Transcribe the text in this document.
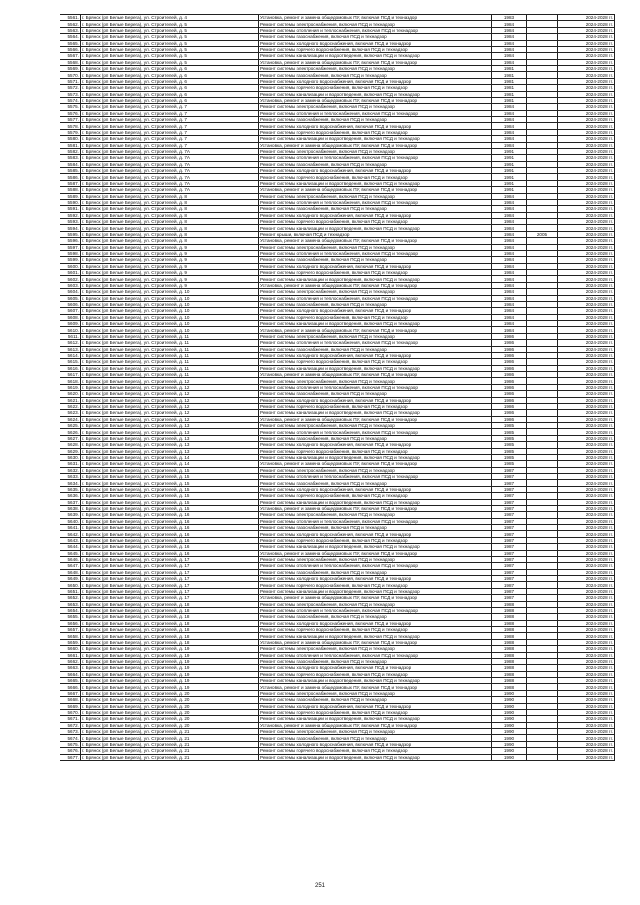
5561.	г. Брянск (рп Белые Берега), ул. Строителей, д. 4	Установка, ремонт и замена общедомовых ПУ, включая ПСД и техназдор	1983		2024-2028 гг.
5562.	г. Брянск (рп Белые Берега), ул. Строителей, д. 5	Ремонт системы электроснабжения, включая ПСД и технадзор	1984		2024-2028 гг.
5563.	г. Брянск (рп Белые Берега), ул. Строителей, д. 5	Ремонт системы отопления и теплоснабжения, включая ПСД и технадзор	1984		2024-2028 гг.
5564.	г. Брянск (рп Белые Берега), ул. Строителей, д. 5	Ремонт системы газоснабжения, включая ПСД и технадзор	1984		2024-2028 гг.
5565.	г. Брянск (рп Белые Берега), ул. Строителей, д. 5	Ремонт системы холодного водоснабжения, включая ПСД и технадзор	1984		2024-2028 гг.
5566.	г. Брянск (рп Белые Берега), ул. Строителей, д. 5	Ремонт системы горячего водоснабжения, включая ПСД и технадзор	1984		2024-2028 гг.
5567.	г. Брянск (рп Белые Берега), ул. Строителей, д. 5	Ремонт системы канализации и водоотведения, включая ПСД и технадзор	1984		2024-2028 гг.
5568.	г. Брянск (рп Белые Берега), ул. Строителей, д. 5	Установка, ремонт и замена общедомовых ПУ, включая ПСД и технадзор	1984		2024-2028 гг.
5569.	г. Брянск (рп Белые Берега), ул. Строителей, д. 6	Ремонт системы электроснабжения, включая ПСД и технадзор	1981		2024-2028 гг.
5570.	г. Брянск (рп Белые Берега), ул. Строителей, д. 6	Ремонт системы газоснабжения, включая ПСД и технадзор	1981		2024-2028 гг.
5571.	г. Брянск (рп Белые Берега), ул. Строителей, д. 6	Ремонт системы холодного водоснабжения, включая ПСД и технадзор	1981		2024-2028 гг.
5572.	г. Брянск (рп Белые Берега), ул. Строителей, д. 6	Ремонт системы горячего водоснабжения, включая ПСД и технадзор	1981		2024-2028 гг.
5573.	г. Брянск (рп Белые Берега), ул. Строителей, д. 6	Ремонт системы канализации и водоотведения, включая ПСД и технадзор	1981		2024-2028 гг.
5574.	г. Брянск (рп Белые Берега), ул. Строителей, д. 6	Установка, ремонт и замена общедомовых ПУ, включая ПСД и технадзор	1981		2024-2028 гг.
5575.	г. Брянск (рп Белые Берега), ул. Строителей, д. 7	Ремонт системы электроснабжения, включая ПСД и технадзор	1984		2024-2028 гг.
5576.	г. Брянск (рп Белые Берега), ул. Строителей, д. 7	Ремонт системы отопления и теплоснабжения, включая ПСД и технадзор	1984		2024-2028 гг.
5577.	г. Брянск (рп Белые Берега), ул. Строителей, д. 7	Ремонт системы газоснабжения, включая ПСД и технадзор	1984		2024-2028 гг.
5578.	г. Брянск (рп Белые Берега), ул. Строителей, д. 7	Ремонт системы холодного водоснабжения, включая ПСД и технадзор	1984		2024-2028 гг.
5579.	г. Брянск (рп Белые Берега), ул. Строителей, д. 7	Ремонт системы горячего водоснабжения, включая ПСД и технадзор	1984		2024-2028 гг.
5580.	г. Брянск (рп Белые Берега), ул. Строителей, д. 7	Ремонт системы канализации и водоотведения, включая ПСД и технадзор	1984		2024-2028 гг.
5581.	г. Брянск (рп Белые Берега), ул. Строителей, д. 7	Установка, ремонт и замена общедомовых ПУ, включая ПСД и технадзор	1984		2024-2028 гг.
5582.	г. Брянск (рп Белые Берега), ул. Строителей, д. 7А	Ремонт системы электроснабжения, включая ПСД и технадзор	1991		2024-2028 гг.
5583.	г. Брянск (рп Белые Берега), ул. Строителей, д. 7А	Ремонт системы отопления и теплоснабжения, включая ПСД и технадзор	1991		2024-2028 гг.
5584.	г. Брянск (рп Белые Берега), ул. Строителей, д. 7А	Ремонт системы газоснабжения, включая ПСД и технадзор	1991		2024-2028 гг.
5585.	г. Брянск (рп Белые Берега), ул. Строителей, д. 7А	Ремонт системы холодного водоснабжения, включая ПСД и технадзор	1991		2024-2028 гг.
5586.	г. Брянск (рп Белые Берега), ул. Строителей, д. 7А	Ремонт системы горячего водоснабжения, включая ПСД и технадзор	1991		2024-2028 гг.
5587.	г. Брянск (рп Белые Берега), ул. Строителей, д. 7А	Ремонт системы канализации и водоотведения, включая ПСД и технадзор	1991		2024-2028 гг.
5588.	г. Брянск (рп Белые Берега), ул. Строителей, д. 7А	Установка, ремонт и замена общедомовых ПУ, включая ПСД и технадзор	1991		2024-2028 гг.
5589.	г. Брянск (рп Белые Берега), ул. Строителей, д. 8	Ремонт системы электроснабжения, включая ПСД и технадзор	1984		2024-2028 гг.
5590.	г. Брянск (рп Белые Берега), ул. Строителей, д. 8	Ремонт системы отопления и теплоснабжения, включая ПСД и технадзор	1984		2024-2028 гг.
5591.	г. Брянск (рп Белые Берега), ул. Строителей, д. 8	Ремонт системы газоснабжения, включая ПСД и технадзор	1984		2024-2028 гг.
5592.	г. Брянск (рп Белые Берега), ул. Строителей, д. 8	Ремонт системы холодного водоснабжения, включая ПСД и технадзор	1984		2024-2028 гг.
5593.	г. Брянск (рп Белые Берега), ул. Строителей, д. 8	Ремонт системы горячего водоснабжения, включая ПСД и технадзор	1984		2024-2028 гг.
5594.	г. Брянск (рп Белые Берега), ул. Строителей, д. 8	Ремонт системы канализации и водоотведения, включая ПСД и технадзор	1984		2024-2028 гг.
5595.	г. Брянск (рп Белые Берега), ул. Строителей, д. 8	Ремонт крыши, включая ПСД и технадзор	1984	2005	2024-2028 гг.
5596.	г. Брянск (рп Белые Берега), ул. Строителей, д. 8	Установка, ремонт и замена общедомовых ПУ, включая ПСД и технадзор	1984		2024-2028 гг.
5597.	г. Брянск (рп Белые Берега), ул. Строителей, д. 9	Ремонт системы электроснабжения, включая ПСД и технадзор	1984		2024-2028 гг.
5598.	г. Брянск (рп Белые Берега), ул. Строителей, д. 9	Ремонт системы отопления и теплоснабжения, включая ПСД и технадзор	1984		2024-2028 гг.
5599.	г. Брянск (рп Белые Берега), ул. Строителей, д. 9	Ремонт системы газоснабжения, включая ПСД и технадзор	1984		2024-2028 гг.
5600.	г. Брянск (рп Белые Берега), ул. Строителей, д. 9	Ремонт системы холодного водоснабжения, включая ПСД и технадзор	1984		2024-2028 гг.
5601.	г. Брянск (рп Белые Берега), ул. Строителей, д. 9	Ремонт системы горячего водоснабжения, включая ПСД и технадзор	1984		2024-2028 гг.
5602.	г. Брянск (рп Белые Берега), ул. Строителей, д. 9	Ремонт системы канализации и водоотведения, включая ПСД и технадзор	1984		2024-2028 гг.
5603.	г. Брянск (рп Белые Берега), ул. Строителей, д. 9	Установка, ремонт и замена общедомовых ПУ, включая ПСД и технадзор	1984		2024-2028 гг.
5604.	г. Брянск (рп Белые Берега), ул. Строителей, д. 10	Ремонт системы электроснабжения, включая ПСД и технадзор	1984		2024-2028 гг.
5605.	г. Брянск (рп Белые Берега), ул. Строителей, д. 10	Ремонт системы отопления и теплоснабжения, включая ПСД и технадзор	1984		2024-2028 гг.
5606.	г. Брянск (рп Белые Берега), ул. Строителей, д. 10	Ремонт системы газоснабжения, включая ПСД и технадзор	1984		2024-2028 гг.
5607.	г. Брянск (рп Белые Берега), ул. Строителей, д. 10	Ремонт системы холодного водоснабжения, включая ПСД и технадзор	1984		2024-2028 гг.
5608.	г. Брянск (рп Белые Берега), ул. Строителей, д. 10	Ремонт системы горячего водоснабжения, включая ПСД и технадзор	1984		2024-2028 гг.
5609.	г. Брянск (рп Белые Берега), ул. Строителей, д. 10	Ремонт системы канализации и водоотведения, включая ПСД и технадзор	1984		2024-2028 гг.
5610.	г. Брянск (рп Белые Берега), ул. Строителей, д. 10	Установка, ремонт и замена общедомовых ПУ, включая ПСД и технадзор	1984		2024-2028 гг.
5611.	г. Брянск (рп Белые Берега), ул. Строителей, д. 11	Ремонт системы электроснабжения, включая ПСД и технадзор	1986		2024-2028 гг.
5612.	г. Брянск (рп Белые Берега), ул. Строителей, д. 11	Ремонт системы отопления и теплоснабжения, включая ПСД и технадзор	1986		2024-2028 гг.
5613.	г. Брянск (рп Белые Берега), ул. Строителей, д. 11	Ремонт системы газоснабжения, включая ПСД и технадзор	1986		2024-2028 гг.
5614.	г. Брянск (рп Белые Берега), ул. Строителей, д. 11	Ремонт системы холодного водоснабжения, включая ПСД и технадзор	1986		2024-2028 гг.
5615.	г. Брянск (рп Белые Берега), ул. Строителей, д. 11	Ремонт системы горячего водоснабжения, включая ПСД и технадзор	1986		2024-2028 гг.
5616.	г. Брянск (рп Белые Берега), ул. Строителей, д. 11	Ремонт системы канализации и водоотведения, включая ПСД и технадзор	1986		2024-2028 гг.
5617.	г. Брянск (рп Белые Берега), ул. Строителей, д. 11	Установка, ремонт и замена общедомовых ПУ, включая ПСД и технадзор	1986		2024-2028 гг.
5618.	г. Брянск (рп Белые Берега), ул. Строителей, д. 12	Ремонт системы электроснабжения, включая ПСД и технадзор	1986		2024-2028 гг.
5619.	г. Брянск (рп Белые Берега), ул. Строителей, д. 12	Ремонт системы отопления и теплоснабжения, включая ПСД и технадзор	1986		2024-2028 гг.
5620.	г. Брянск (рп Белые Берега), ул. Строителей, д. 12	Ремонт системы газоснабжения, включая ПСД и технадзор	1986		2024-2028 гг.
5621.	г. Брянск (рп Белые Берега), ул. Строителей, д. 12	Ремонт системы холодного водоснабжения, включая ПСД и технадзор	1986		2024-2028 гг.
5622.	г. Брянск (рп Белые Берега), ул. Строителей, д. 12	Ремонт системы горячего водоснабжения, включая ПСД и технадзор	1986		2024-2028 гг.
5623.	г. Брянск (рп Белые Берега), ул. Строителей, д. 12	Ремонт системы канализации и водоотведения, включая ПСД и технадзор	1986		2024-2028 гг.
5624.	г. Брянск (рп Белые Берега), ул. Строителей, д. 12	Установка, ремонт и замена общедомовых ПУ, включая ПСД и технадзор	1986		2024-2028 гг.
5625.	г. Брянск (рп Белые Берега), ул. Строителей, д. 13	Ремонт системы электроснабжения, включая ПСД и технадзор	1985		2024-2028 гг.
5626.	г. Брянск (рп Белые Берега), ул. Строителей, д. 13	Ремонт системы отопления и теплоснабжения, включая ПСД и технадзор	1985		2024-2028 гг.
5627.	г. Брянск (рп Белые Берега), ул. Строителей, д. 13	Ремонт системы газоснабжения, включая ПСД и технадзор	1985		2024-2028 гг.
5628.	г. Брянск (рп Белые Берега), ул. Строителей, д. 13	Ремонт системы холодного водоснабжения, включая ПСД и технадзор	1985		2024-2028 гг.
5629.	г. Брянск (рп Белые Берега), ул. Строителей, д. 13	Ремонт системы горячего водоснабжения, включая ПСД и технадзор	1985		2024-2028 гг.
5630.	г. Брянск (рп Белые Берега), ул. Строителей, д. 14	Ремонт системы канализации и водоотведения, включая ПСД и технадзор	1985		2024-2028 гг.
5631.	г. Брянск (рп Белые Берега), ул. Строителей, д. 14	Установка, ремонт и замена общедомовых ПУ, включая ПСД и технадзор	1985		2024-2028 гг.
5632.	г. Брянск (рп Белые Берега), ул. Строителей, д. 15	Ремонт системы электроснабжения, включая ПСД и технадзор	1987		2024-2028 гг.
5633.	г. Брянск (рп Белые Берега), ул. Строителей, д. 15	Ремонт системы отопления и теплоснабжения, включая ПСД и технадзор	1987		2024-2028 гг.
5634.	г. Брянск (рп Белые Берега), ул. Строителей, д. 15	Ремонт системы газоснабжения, включая ПСД и технадзор	1987		2024-2028 гг.
5635.	г. Брянск (рп Белые Берега), ул. Строителей, д. 15	Ремонт системы холодного водоснабжения, включая ПСД и технадзор	1987		2024-2028 гг.
5636.	г. Брянск (рп Белые Берега), ул. Строителей, д. 15	Ремонт системы горячего водоснабжения, включая ПСД и технадзор	1987		2024-2028 гг.
5637.	г. Брянск (рп Белые Берега), ул. Строителей, д. 15	Ремонт системы канализации и водоотведения, включая ПСД и технадзор	1987		2024-2028 гг.
5638.	г. Брянск (рп Белые Берега), ул. Строителей, д. 15	Установка, ремонт и замена общедомовых ПУ, включая ПСД и технадзор	1987		2024-2028 гг.
5639.	г. Брянск (рп Белые Берега), ул. Строителей, д. 16	Ремонт системы электроснабжения, включая ПСД и технадзор	1987		2024-2028 гг.
5640.	г. Брянск (рп Белые Берега), ул. Строителей, д. 16	Ремонт системы отопления и теплоснабжения, включая ПСД и технадзор	1987		2024-2028 гг.
5641.	г. Брянск (рп Белые Берега), ул. Строителей, д. 16	Ремонт системы газоснабжения, включая ПСД и технадзор	1987		2024-2028 гг.
5642.	г. Брянск (рп Белые Берега), ул. Строителей, д. 16	Ремонт системы холодного водоснабжения, включая ПСД и технадзор	1987		2024-2028 гг.
5643.	г. Брянск (рп Белые Берега), ул. Строителей, д. 16	Ремонт системы горячего водоснабжения, включая ПСД и технадзор	1987		2024-2028 гг.
5644.	г. Брянск (рп Белые Берега), ул. Строителей, д. 16	Ремонт системы канализации и водоотведения, включая ПСД и технадзор	1987		2024-2028 гг.
5645.	г. Брянск (рп Белые Берега), ул. Строителей, д. 16	Установка, ремонт и замена общедомовых ПУ, включая ПСД и технадзор	1987		2024-2028 гг.
5646.	г. Брянск (рп Белые Берега), ул. Строителей, д. 17	Ремонт системы электроснабжения, включая ПСД и технадзор	1987		2024-2028 гг.
5647.	г. Брянск (рп Белые Берега), ул. Строителей, д. 17	Ремонт системы отопления и теплоснабжения, включая ПСД и технадзор	1987		2024-2028 гг.
5648.	г. Брянск (рп Белые Берега), ул. Строителей, д. 17	Ремонт системы газоснабжения, включая ПСД и технадзор	1987		2024-2028 гг.
5649.	г. Брянск (рп Белые Берега), ул. Строителей, д. 17	Ремонт системы холодного водоснабжения, включая ПСД и технадзор	1987		2024-2028 гг.
5650.	г. Брянск (рп Белые Берега), ул. Строителей, д. 17	Ремонт системы горячего водоснабжения, включая ПСД и технадзор	1987		2024-2028 гг.
5651.	г. Брянск (рп Белые Берега), ул. Строителей, д. 17	Ремонт системы канализации и водоотведения, включая ПСД и технадзор	1987		2024-2028 гг.
5652.	г. Брянск (рп Белые Берега), ул. Строителей, д. 17	Установка, ремонт и замена общедомовых ПУ, включая ПСД и технадзор	1987		2024-2028 гг.
5653.	г. Брянск (рп Белые Берега), ул. Строителей, д. 18	Ремонт системы электроснабжения, включая ПСД и технадзор	1988		2024-2028 гг.
5654.	г. Брянск (рп Белые Берега), ул. Строителей, д. 18	Ремонт системы отопления и теплоснабжения, включая ПСД и технадзор	1988		2024-2028 гг.
5655.	г. Брянск (рп Белые Берега), ул. Строителей, д. 18	Ремонт системы газоснабжения, включая ПСД и технадзор	1988		2024-2028 гг.
5656.	г. Брянск (рп Белые Берега), ул. Строителей, д. 18	Ремонт системы холодного водоснабжения, включая ПСД и технадзор	1988		2024-2028 гг.
5657.	г. Брянск (рп Белые Берега), ул. Строителей, д. 18	Ремонт системы горячего водоснабжения, включая ПСД и технадзор	1988		2024-2028 гг.
5658.	г. Брянск (рп Белые Берега), ул. Строителей, д. 18	Ремонт системы канализации и водоотведения, включая ПСД и технадзор	1988		2024-2028 гг.
5659.	г. Брянск (рп Белые Берега), ул. Строителей, д. 18	Установка, ремонт и замена общедомовых ПУ, включая ПСД и технадзор	1988		2024-2028 гг.
5660.	г. Брянск (рп Белые Берега), ул. Строителей, д. 19	Ремонт системы электроснабжения, включая ПСД и технадзор	1988		2024-2028 гг.
5661.	г. Брянск (рп Белые Берега), ул. Строителей, д. 19	Ремонт системы отопления и теплоснабжения, включая ПСД и технадзор	1988		2024-2028 гг.
5662.	г. Брянск (рп Белые Берега), ул. Строителей, д. 19	Ремонт системы газоснабжения, включая ПСД и технадзор	1988		2024-2028 гг.
5663.	г. Брянск (рп Белые Берега), ул. Строителей, д. 19	Ремонт системы холодного водоснабжения, включая ПСД и технадзор	1988		2024-2028 гг.
5664.	г. Брянск (рп Белые Берега), ул. Строителей, д. 19	Ремонт системы горячего водоснабжения, включая ПСД и технадзор	1988		2024-2028 гг.
5665.	г. Брянск (рп Белые Берега), ул. Строителей, д. 19	Ремонт системы канализации и водоотведения, включая ПСД и технадзор	1988		2024-2028 гг.
5666.	г. Брянск (рп Белые Берега), ул. Строителей, д. 19	Установка, ремонт и замена общедомовых ПУ, включая ПСД и технадзор	1988		2024-2028 гг.
5667.	г. Брянск (рп Белые Берега), ул. Строителей, д. 20	Ремонт системы электроснабжения, включая ПСД и технадзор	1990		2024-2028 гг.
5668.	г. Брянск (рп Белые Берега), ул. Строителей, д. 20	Ремонт системы газоснабжения, включая ПСД и технадзор	1990		2024-2028 гг.
5669.	г. Брянск (рп Белые Берега), ул. Строителей, д. 20	Ремонт системы холодного водоснабжения, включая ПСД и технадзор	1990		2024-2028 гг.
5670.	г. Брянск (рп Белые Берега), ул. Строителей, д. 20	Ремонт системы горячего водоснабжения, включая ПСД и технадзор	1990		2024-2028 гг.
5671.	г. Брянск (рп Белые Берега), ул. Строителей, д. 20	Ремонт системы канализации и водоотведения, включая ПСД и технадзор	1990		2024-2028 гг.
5672.	г. Брянск (рп Белые Берега), ул. Строителей, д. 20	Установка, ремонт и замена общедомовых ПУ, включая ПСД и технадзор	1990		2024-2028 гг.
5673.	г. Брянск (рп Белые Берега), ул. Строителей, д. 21	Ремонт системы электроснабжения, включая ПСД и технадзор	1990		2024-2028 гг.
5674.	г. Брянск (рп Белые Берега), ул. Строителей, д. 21	Ремонт системы газоснабжения, включая ПСД и технадзор	1990		2024-2028 гг.
5675.	г. Брянск (рп Белые Берега), ул. Строителей, д. 21	Ремонт системы холодного водоснабжения, включая ПСД и технадзор	1990		2024-2028 гг.
5676.	г. Брянск (рп Белые Берега), ул. Строителей, д. 21	Ремонт системы горячего водоснабжения, включая ПСД и технадзор	1990		2024-2028 гг.
5677.	г. Брянск (рп Белые Берега), ул. Строителей, д. 21	Ремонт системы канализации и водоотведения, включая ПСД и технадзор	1990		2024-2028 гг.
251
